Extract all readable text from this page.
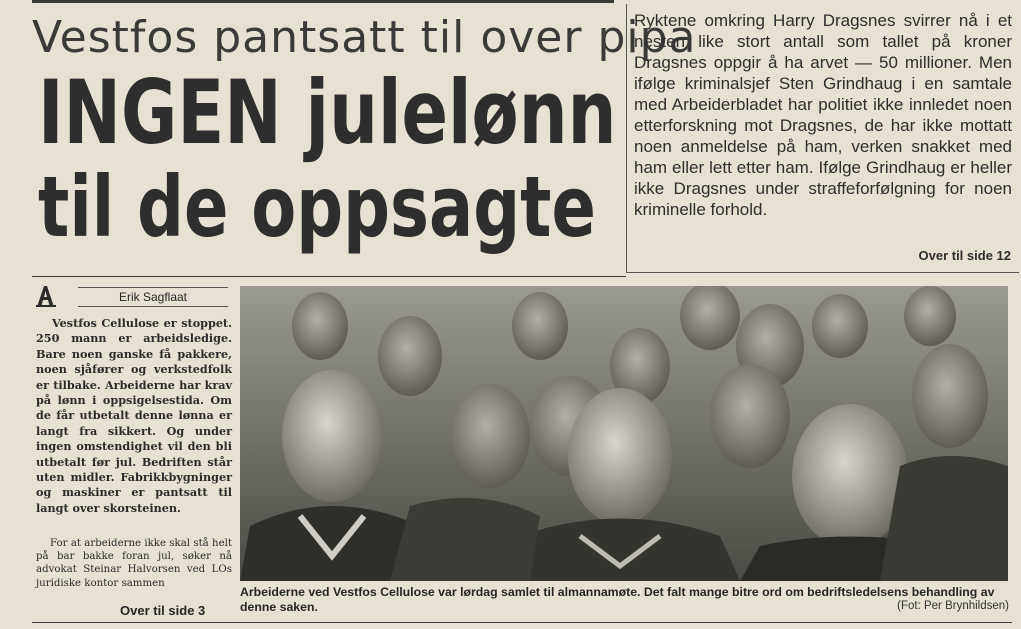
Vestfos pantsatt til over pipa
INGEN julelønn
til de oppsagte
Ryktene omkring Harry Dragsnes svirrer nå i et nesten like stort antall som tallet på kroner Dragsnes oppgir å ha arvet — 50 millioner. Men ifølge kriminalsjef Sten Grindhaug i en samtale med Arbeiderbladet har politiet ikke innledet noen etterforskning mot Dragsnes, de har ikke mottatt noen anmeldelse på ham, verken snakket med ham eller lett etter ham. Ifølge Grindhaug er heller ikke Dragsnes under straffeforfølgning for noen kriminelle forhold.
Over til side 12
Erik Sagflaat
Vestfos Cellulose er stoppet. 250 mann er arbeidsledige. Bare noen ganske få pakkere, noen sjåfører og verkstedfolk er tilbake. Arbeiderne har krav på lønn i oppsigelsestida. Om de får utbetalt denne lønna er langt fra sikkert. Og under ingen omstendighet vil den bli utbetalt før jul. Bedriften står uten midler. Fabrikkbygninger og maskiner er pantsatt til langt over skorsteinen.
For at arbeiderne ikke skal stå helt på bar bakke foran jul, søker nå advokat Steinar Halvorsen ved LOs juridiske kontor sammen
Over til side 3
Arbeiderne ved Vestfos Cellulose var lørdag samlet til almannamøte. Det falt mange bitre ord om bedriftsledelsens behandling av denne saken.	(Fot: Per Brynhildsen)
